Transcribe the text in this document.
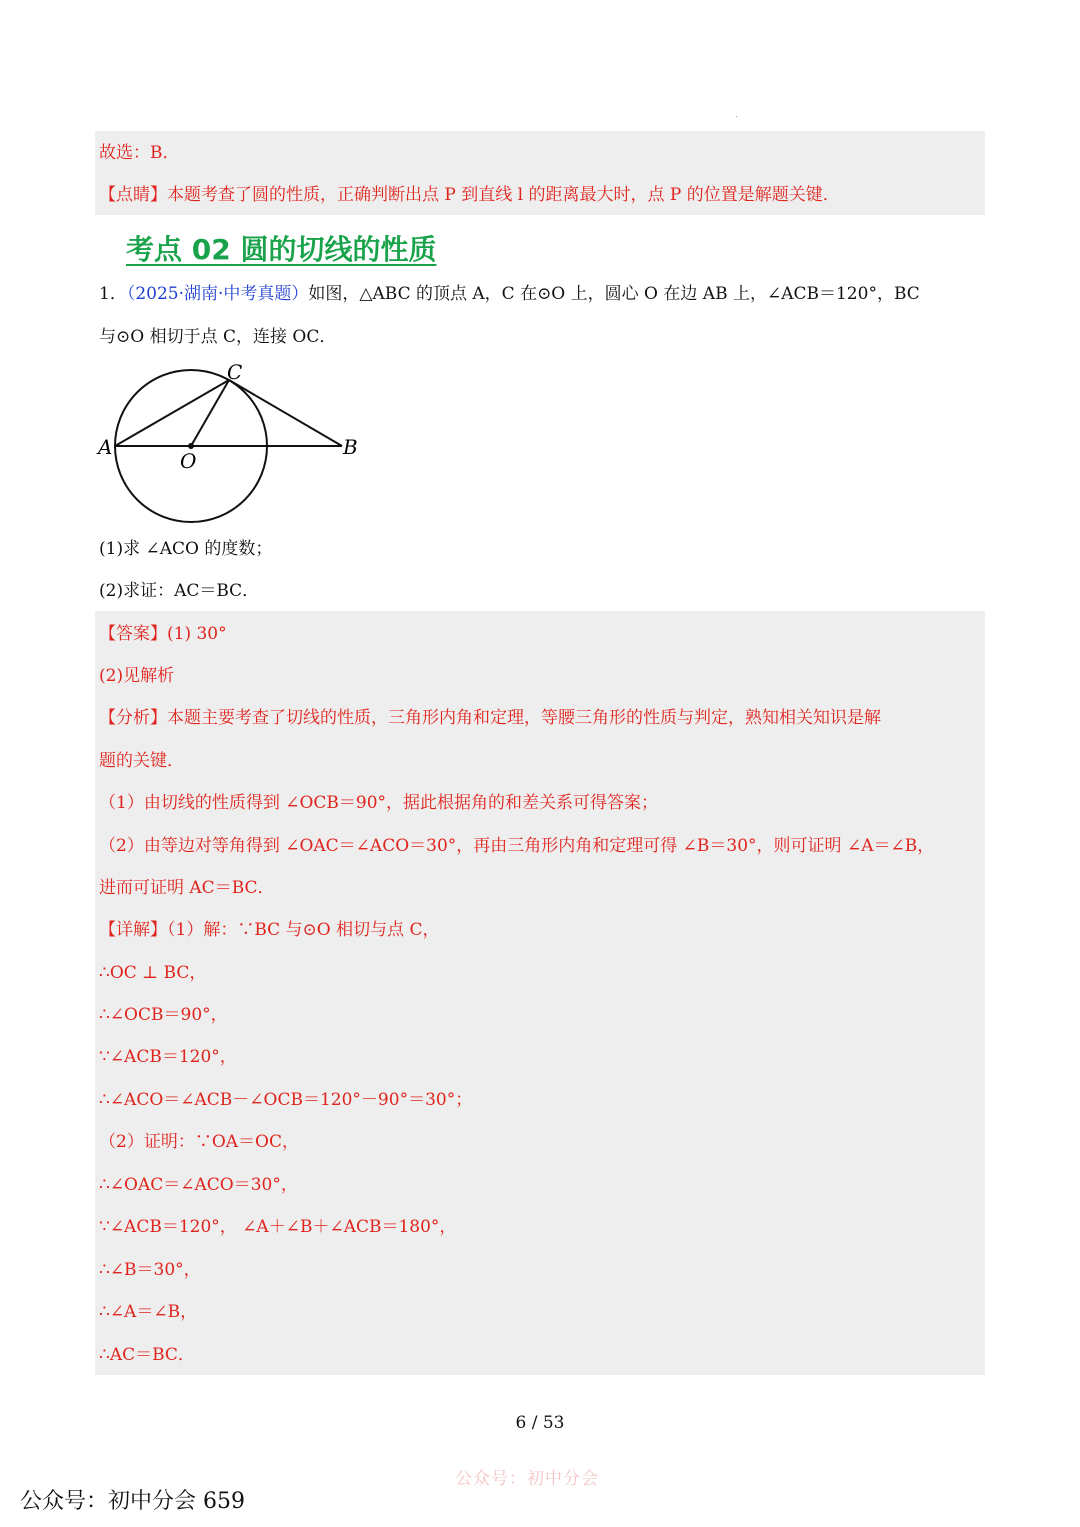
.
故选：B．
【点睛】本题考查了圆的性质，正确判断出点 P 到直线 l 的距离最大时，点 P 的位置是解题关键．
考点 02 圆的切线的性质
1．（2025·湖南·中考真题）如图，△ABC 的顶点 A，C 在⊙O 上，圆心 O 在边 AB 上，∠ACB＝120°，BC
与⊙O 相切于点 C，连接 OC．
C
A
O
B
(1)求 ∠ACO 的度数；
(2)求证：AC＝BC．
【答案】(1) 30°
(2)见解析
【分析】本题主要考查了切线的性质，三角形内角和定理，等腰三角形的性质与判定，熟知相关知识是解
题的关键．
（1）由切线的性质得到 ∠OCB＝90°，据此根据角的和差关系可得答案；
（2）由等边对等角得到 ∠OAC＝∠ACO＝30°，再由三角形内角和定理可得 ∠B＝30°，则可证明 ∠A＝∠B，
进而可证明 AC＝BC．
【详解】（1）解：∵BC 与⊙O 相切与点 C，
∴OC ⊥ BC，
∴∠OCB＝90°，
∵∠ACB＝120°，
∴∠ACO＝∠ACB－∠OCB＝120°－90°＝30°；
（2）证明：∵OA＝OC，
∴∠OAC＝∠ACO＝30°，
∵∠ACB＝120°， ∠A＋∠B＋∠ACB＝180°，
∴∠B＝30°，
∴∠A＝∠B，
∴AC＝BC．
6 / 53
公众号：初中分会
公众号：初中分会 659
